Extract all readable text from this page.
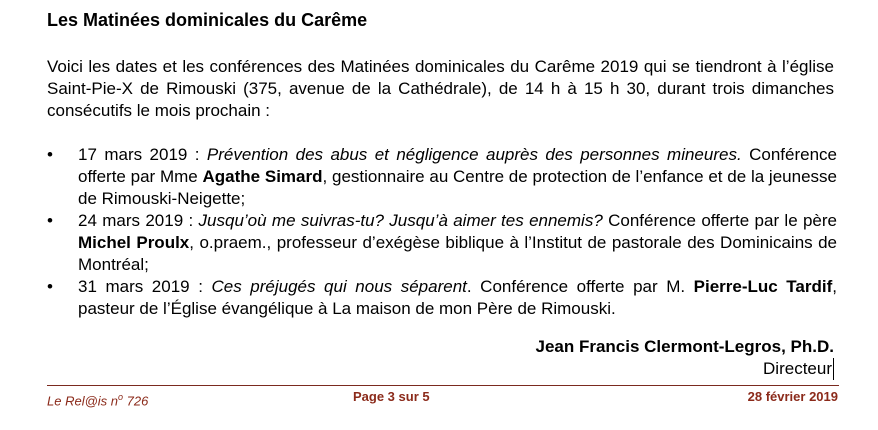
Les Matinées dominicales du Carême
Voici les dates et les conférences des Matinées dominicales du Carême 2019 qui se tiendront à l’église Saint-Pie-X de Rimouski (375, avenue de la Cathédrale), de 14 h à 15 h 30, durant trois dimanches consécutifs le mois prochain :
•	17 mars 2019 : Prévention des abus et négligence auprès des personnes mineures. Conférence offerte par Mme Agathe Simard, gestionnaire au Centre de protection de l’enfance et de la jeunesse de Rimouski-Neigette;
•	24 mars 2019 : Jusqu’où me suivras-tu? Jusqu’à aimer tes ennemis? Conférence offerte par le père Michel Proulx, o.praem., professeur d’exégèse biblique à l’Institut de pastorale des Dominicains de Montréal;
•	31 mars 2019 : Ces préjugés qui nous séparent. Conférence offerte par M. Pierre-Luc Tardif, pasteur de l’Église évangélique à La maison de mon Père de Rimouski.
Jean Francis Clermont-Legros, Ph.D.
Directeur
Le Rel@is $n^o$ 726	Page 3 sur 5	28 février 2019
